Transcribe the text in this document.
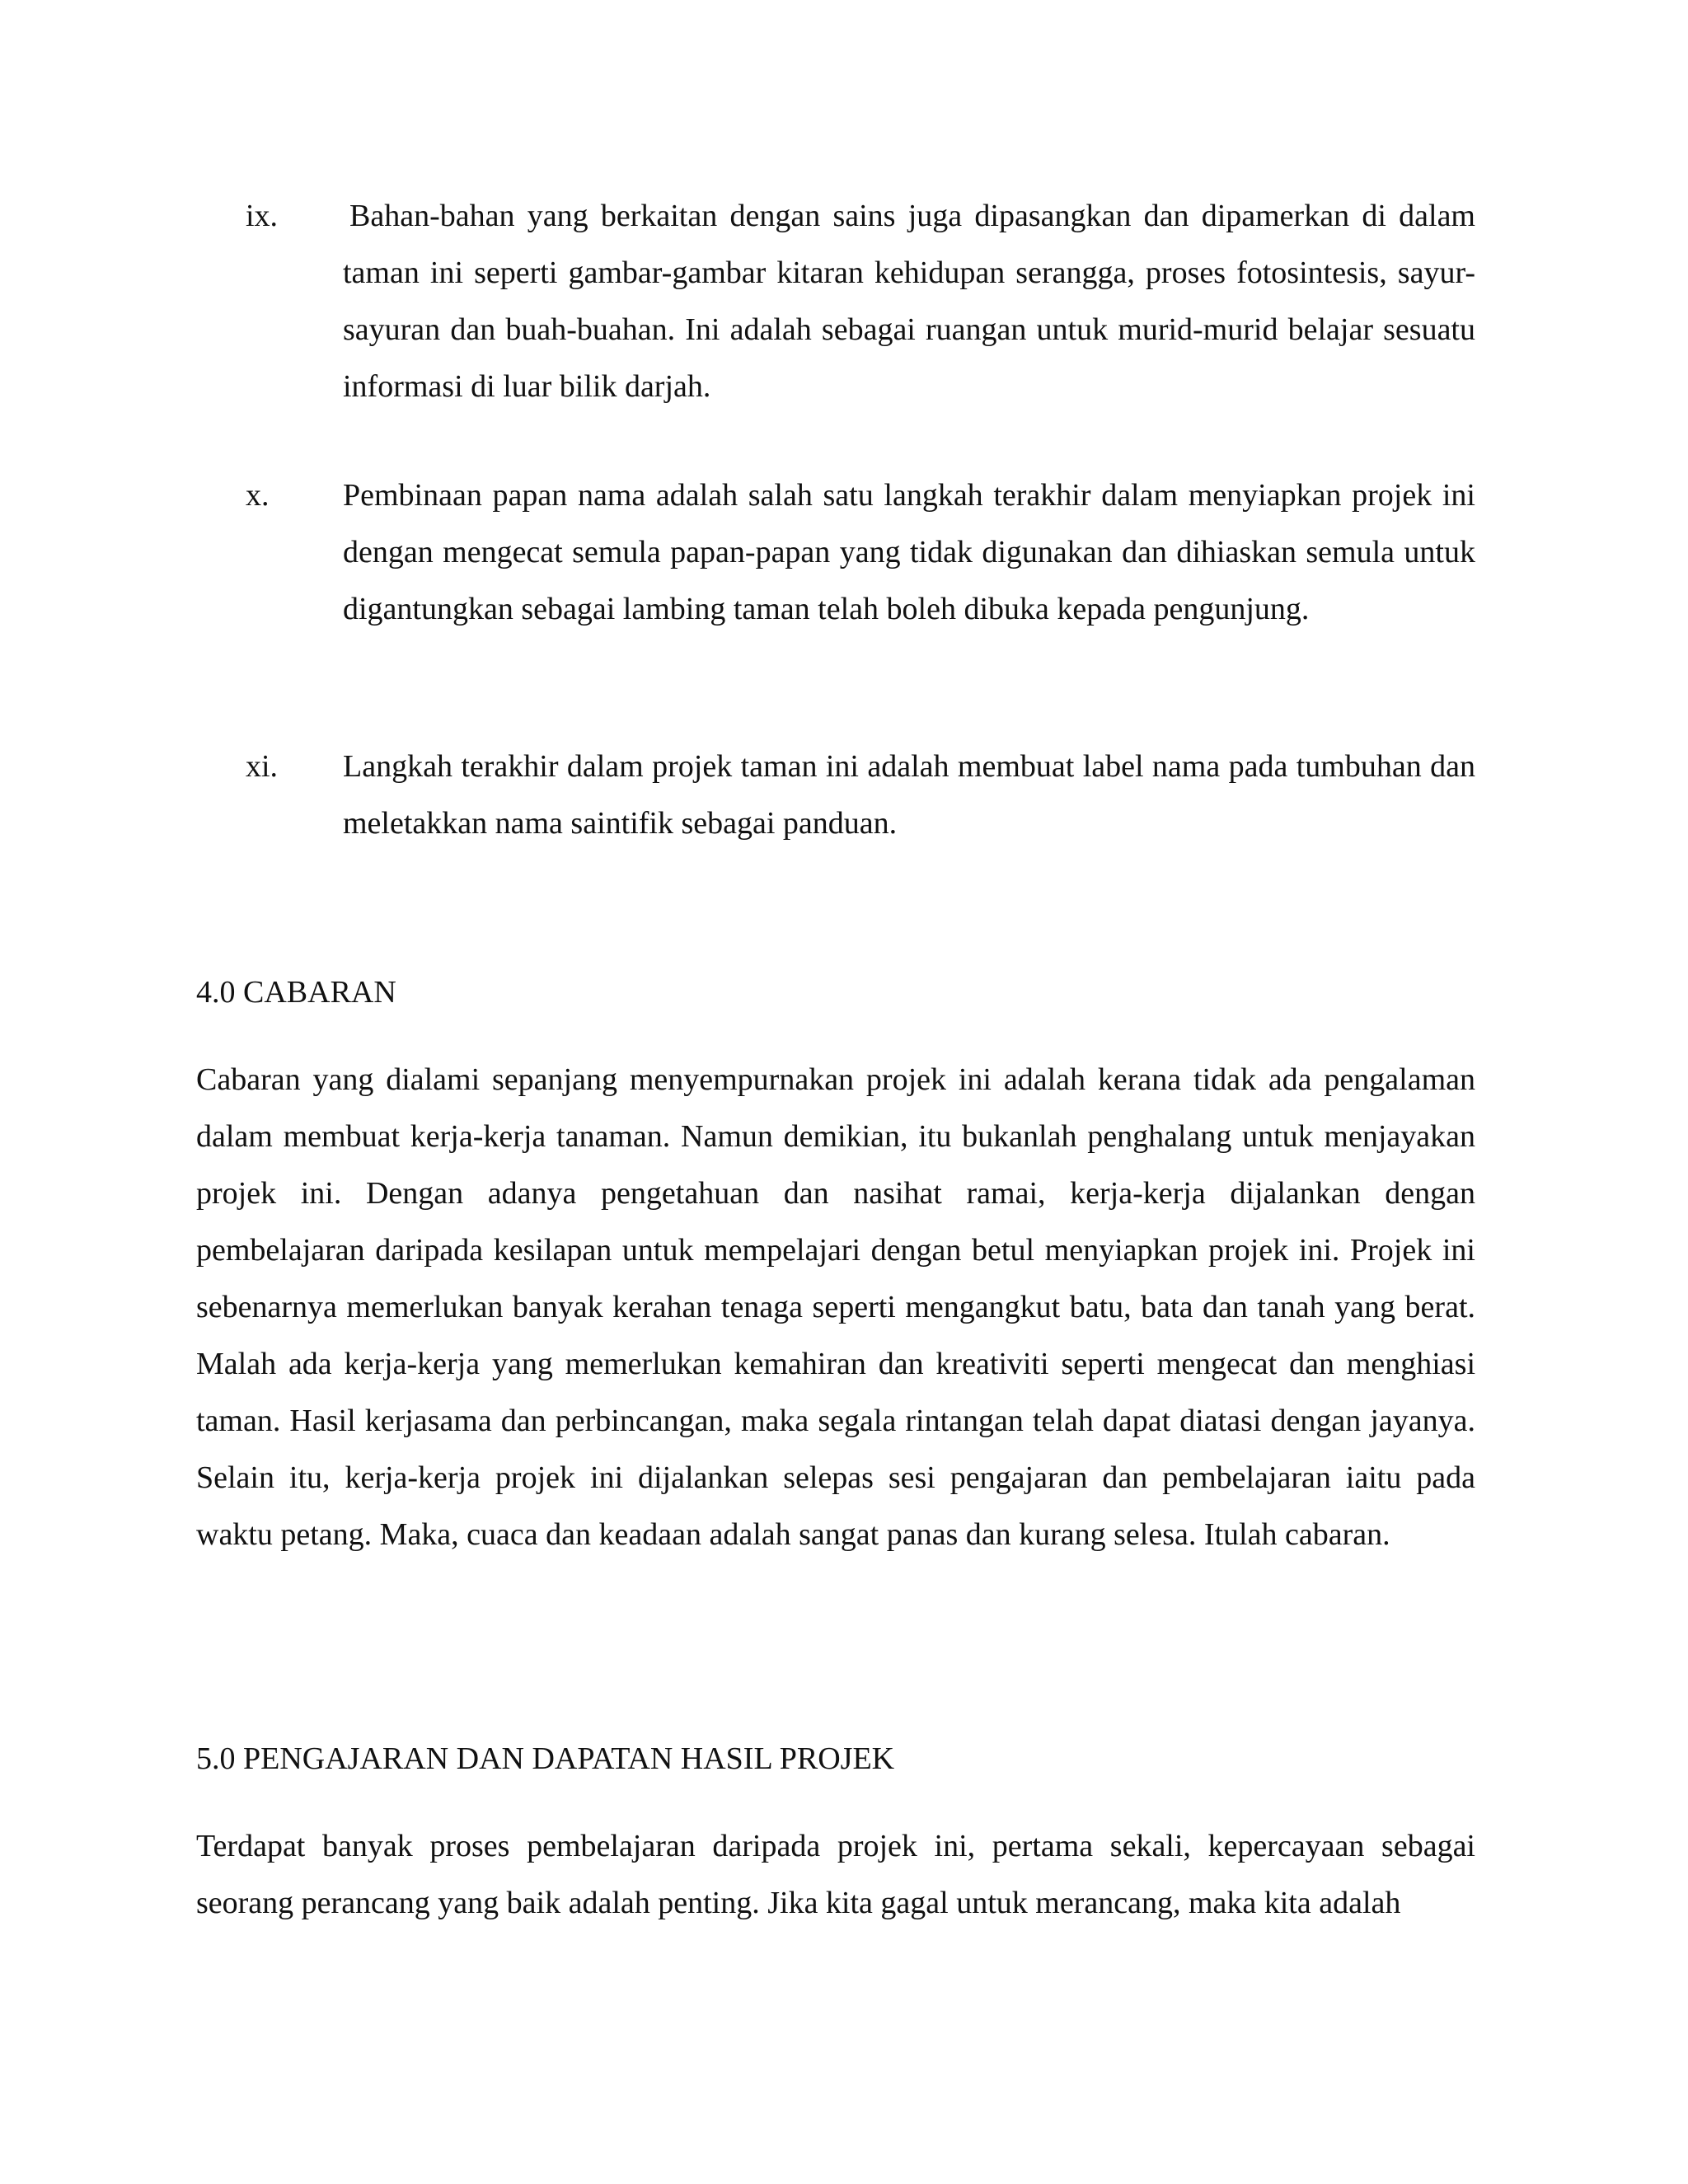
ix. Bahan-bahan yang berkaitan dengan sains juga dipasangkan dan dipamerkan di dalam taman ini seperti gambar-gambar kitaran kehidupan serangga, proses fotosintesis, sayur-sayuran dan buah-buahan. Ini adalah sebagai ruangan untuk murid-murid belajar sesuatu informasi di luar bilik darjah.
x. Pembinaan papan nama adalah salah satu langkah terakhir dalam menyiapkan projek ini dengan mengecat semula papan-papan yang tidak digunakan dan dihiaskan semula untuk digantungkan sebagai lambing taman telah boleh dibuka kepada pengunjung.
xi. Langkah terakhir dalam projek taman ini adalah membuat label nama pada tumbuhan dan meletakkan nama saintifik sebagai panduan.
4.0 CABARAN
Cabaran yang dialami sepanjang menyempurnakan projek ini adalah kerana tidak ada pengalaman dalam membuat kerja-kerja tanaman. Namun demikian, itu bukanlah penghalang untuk menjayakan projek ini. Dengan adanya pengetahuan dan nasihat ramai, kerja-kerja dijalankan dengan pembelajaran daripada kesilapan untuk mempelajari dengan betul menyiapkan projek ini. Projek ini sebenarnya memerlukan banyak kerahan tenaga seperti mengangkut batu, bata dan tanah yang berat. Malah ada kerja-kerja yang memerlukan kemahiran dan kreativiti seperti mengecat dan menghiasi taman. Hasil kerjasama dan perbincangan, maka segala rintangan telah dapat diatasi dengan jayanya. Selain itu, kerja-kerja projek ini dijalankan selepas sesi pengajaran dan pembelajaran iaitu pada waktu petang. Maka, cuaca dan keadaan adalah sangat panas dan kurang selesa. Itulah cabaran.
5.0 PENGAJARAN DAN DAPATAN HASIL PROJEK
Terdapat banyak proses pembelajaran daripada projek ini, pertama sekali, kepercayaan sebagai seorang perancang yang baik adalah penting. Jika kita gagal untuk merancang, maka kita adalah
